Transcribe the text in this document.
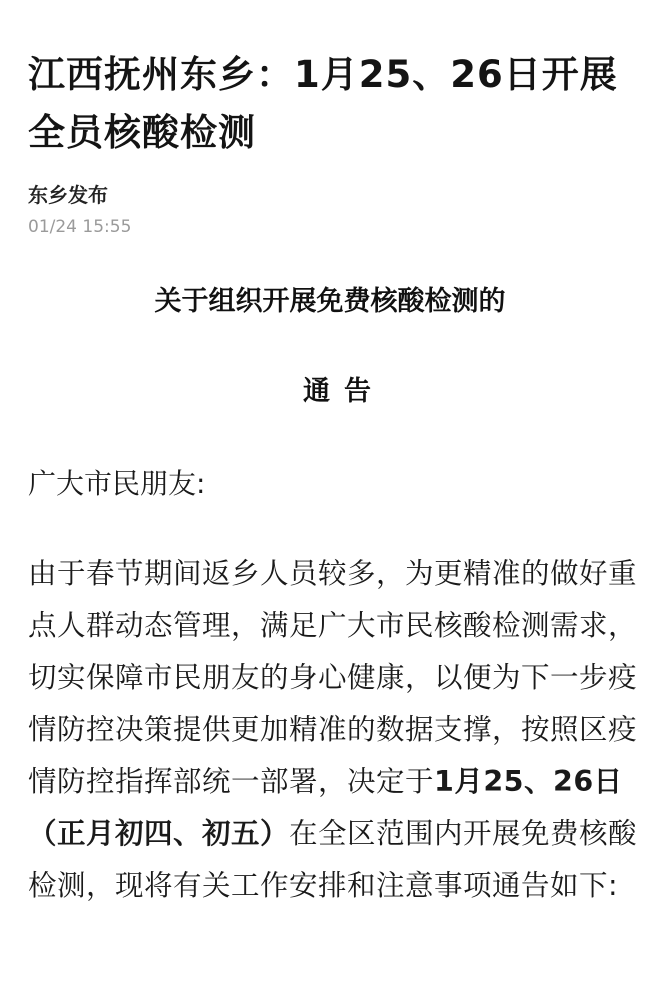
江西抚州东乡：1月25、26日开展全员核酸检测
东乡发布
01/24 15:55
关于组织开展免费核酸检测的
通告
广大市民朋友:

由于春节期间返乡人员较多，为更精准的做好重点人群动态管理，满足广大市民核酸检测需求，切实保障市民朋友的身心健康，以便为下一步疫情防控决策提供更加精准的数据支撑，按照区疫情防控指挥部统一部署，决定于1月25、26日（正月初四、初五）在全区范围内开展免费核酸检测，现将有关工作安排和注意事项通告如下:
